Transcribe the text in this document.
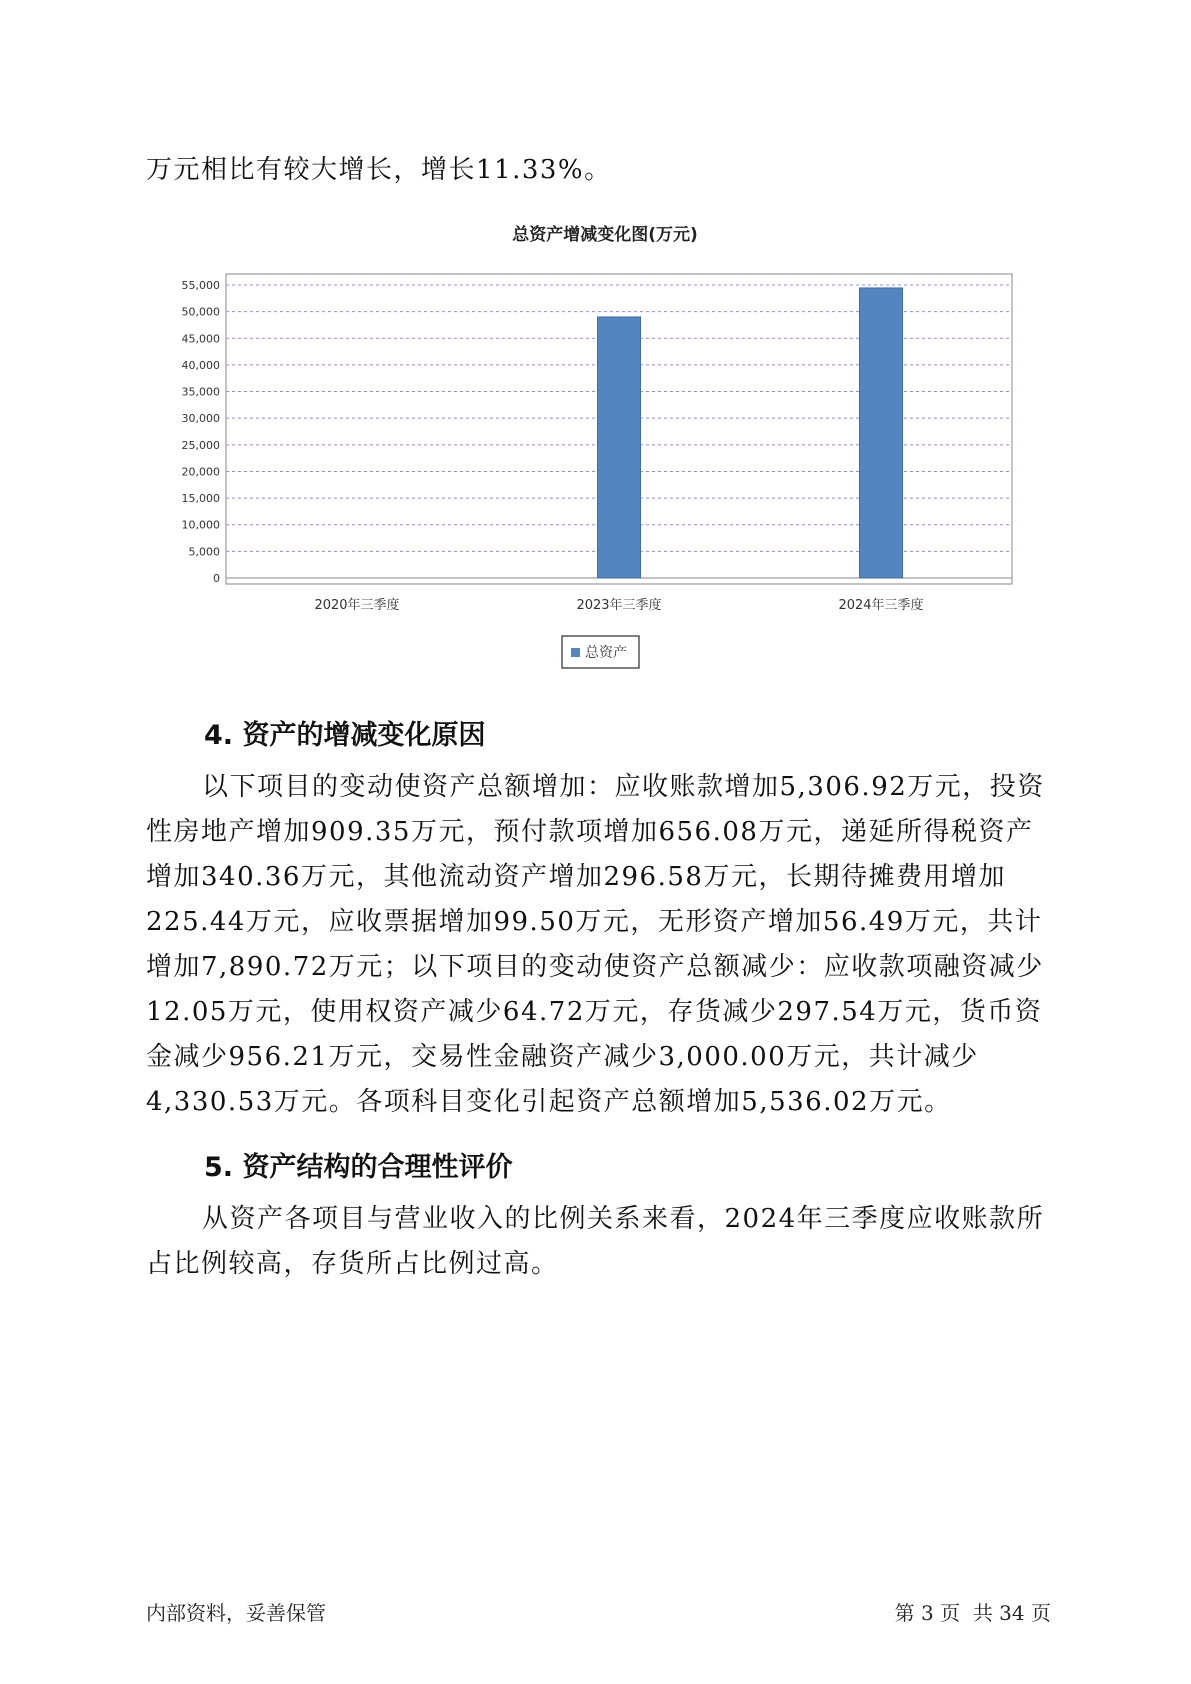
万元相比有较大增长，增长11.33%。

总资产增减变化图(万元)
0
5,000
10,000
15,000
20,000
25,000
30,000
35,000
40,000
45,000
50,000
55,000
2020年三季度	2023年三季度	2024年三季度
总资产
4. 资产的增减变化原因

以下项目的变动使资产总额增加：应收账款增加5,306.92万元，投资性房地产增加909.35万元，预付款项增加656.08万元，递延所得税资产增加340.36万元，其他流动资产增加296.58万元，长期待摊费用增加225.44万元，应收票据增加99.50万元，无形资产增加56.49万元，共计增加7,890.72万元；以下项目的变动使资产总额减少：应收款项融资减少12.05万元，使用权资产减少64.72万元，存货减少297.54万元，货币资金减少956.21万元，交易性金融资产减少3,000.00万元，共计减少4,330.53万元。各项科目变化引起资产总额增加5,536.02万元。

5. 资产结构的合理性评价

从资产各项目与营业收入的比例关系来看，2024年三季度应收账款所占比例较高，存货所占比例过高。

内部资料，妥善保管	第 3 页  共 34 页
